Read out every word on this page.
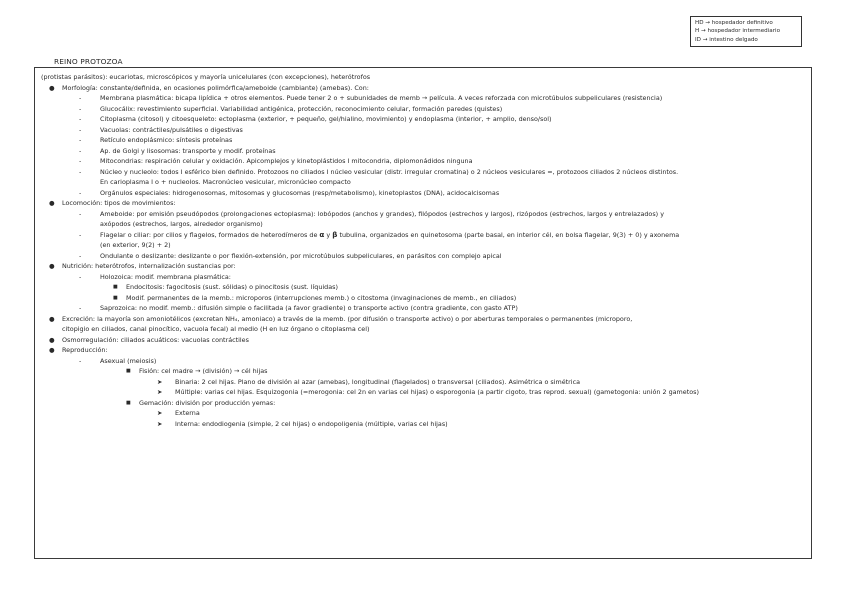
HD → hospedador definitivo
H → hospedador intermediario
ID → intestino delgado
REINO PROTOZOA
(protistas parásitos): eucariotas, microscópicos y mayoría unicelulares (con excepciones), heterótrofos
● Morfología: constante/definida, en ocasiones polimórfica/ameboide (cambiante) (amebas). Con:
-	Membrana plasmática: bicapa lipídica + otros elementos. Puede tener 2 o + subunidades de memb → película. A veces reforzada con microtúbulos subpeliculares (resistencia)
-	Glucocálix: revestimiento superficial. Variabilidad antigénica, protección, reconocimiento celular, formación paredes (quistes)
-	Citoplasma (citosol) y citoesqueleto: ectoplasma (exterior, + pequeño, gel/hialino, movimiento) y endoplasma (interior, + amplio, denso/sol)
-	Vacuolas: contráctiles/pulsátiles o digestivas
-	Retículo endoplásmico: síntesis proteínas
-	Ap. de Golgi y lisosomas: transporte y modif. proteínas
-	Mitocondrias: respiración celular y oxidación. Apicomplejos y kinetoplástidos I mitocondria, diplomonádidos ninguna
-	Núcleo y nucleolo: todos I esférico bien definido. Protozoos no ciliados I núcleo vesicular (distr. irregular cromatina) o 2 núcleos vesiculares =, protozoos ciliados 2 núcleos distintos.
En carioplasma I o + nucleolos. Macronúcleo vesicular, micronúcleo compacto
-	Orgánulos especiales: hidrogenosomas, mitosomas y glucosomas (resp/metabolismo), kinetoplastos (DNA), acidocalcisomas
● Locomoción: tipos de movimientos:
-	Ameboide: por emisión pseudópodos (prolongaciones ectoplasma): lobópodos (anchos y grandes), filópodos (estrechos y largos), rizópodos (estrechos, largos y entrelazados) y
axópodos (estrechos, largos, alrededor organismo)
-	Flagelar o ciliar: por cilios y flagelos, formados de heterodímeros de α y β tubulina, organizados en quinetosoma (parte basal, en interior cél, en bolsa flagelar, 9(3) + 0) y axonema
(en exterior, 9(2) + 2)
-	Ondulante o deslizante: deslizante o por flexión-extensión, por microtúbulos subpeliculares, en parásitos con complejo apical
● Nutrición: heterótrofos, internalización sustancias por:
-	Holozoica: modif. membrana plasmática:
■ Endocitosis: fagocitosis (sust. sólidas) o pinocitosis (sust. líquidas)
■ Modif. permanentes de la memb.: microporos (interrupciones memb.) o citostoma (invaginaciones de memb., en ciliados)
-	Saprozoica: no modif. memb.: difusión simple o facilitada (a favor gradiente) o transporte activo (contra gradiente, con gasto ATP)
● Excreción: la mayoría son amoniotélicos (excretan NH₄, amoniaco) a través de la memb. (por difusión o transporte activo) o por aberturas temporales o permanentes (microporo,
citopigio en ciliados, canal pinocítico, vacuola fecal) al medio (H en luz órgano o citoplasma cel)
● Osmorregulación: ciliados acuáticos: vacuolas contráctiles
● Reproducción:
-	Asexual (meiosis)
■ Fisión: cel madre → (división) → cél hijas
➤ Binaria: 2 cel hijas. Plano de división al azar (amebas), longitudinal (flagelados) o transversal (ciliados). Asimétrica o simétrica
➤ Múltiple: varias cel hijas. Esquizogonia (=merogonia: cel 2n en varias cel hijas) o esporogonia (a partir cigoto, tras reprod. sexual) (gametogonia: unión 2 gametos)
■ Gemación: división por producción yemas:
➤ Externa
➤ Interna: endodiogenia (simple, 2 cel hijas) o endopoligenia (múltiple, varias cel hijas)
